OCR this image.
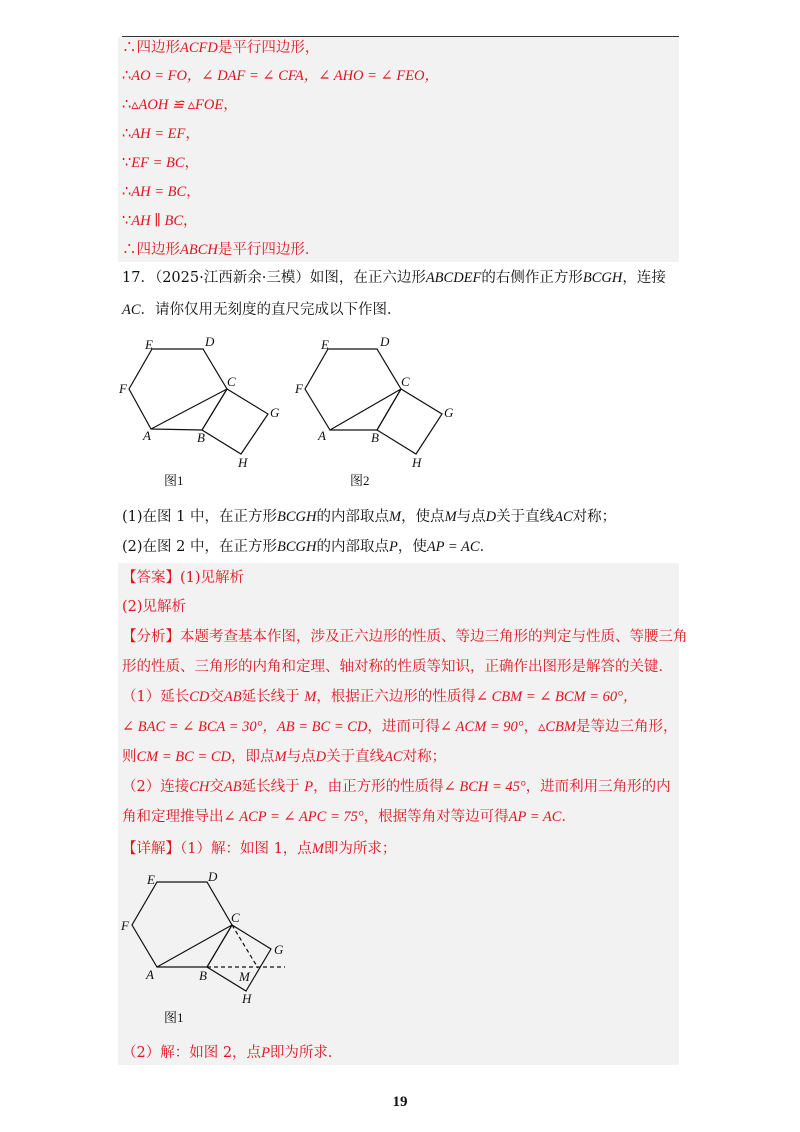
∴四边形ACFD是平行四边形，
∴AO = FO，∠ DAF = ∠ CFA，∠ AHO = ∠ FEO，
∴▵AOH ≌ ▵FOE，
∴AH = EF，
∵EF = BC，
∴AH = BC，
∵AH ∥ BC，
∴四边形ABCH是平行四边形．
17．（2025·江西新余·三模）如图，在正六边形ABCDEF的右侧作正方形BCGH，连接
AC．请你仅用无刻度的直尺完成以下作图．
E	D
F	C
G
A	B
H
图1
E	D
F	C
G
A	B
H
图2
(1)在图 1 中，在正方形BCGH的内部取点M，使点M与点D关于直线AC对称；
(2)在图 2 中，在正方形BCGH的内部取点P，使AP = AC．
【答案】(1)见解析
(2)见解析
【分析】本题考查基本作图，涉及正六边形的性质、等边三角形的判定与性质、等腰三角
形的性质、三角形的内角和定理、轴对称的性质等知识，正确作出图形是解答的关键．
（1）延长CD交AB延长线于 M，根据正六边形的性质得∠ CBM = ∠ BCM = 60°，
∠ BAC = ∠ BCA = 30°，AB = BC = CD，进而可得∠ ACM = 90°，▵CBM是等边三角形，
则CM = BC = CD，即点M与点D关于直线AC对称；
（2）连接CH交AB延长线于 P，由正方形的性质得∠ BCH = 45°，进而利用三角形的内
角和定理推导出∠ ACP = ∠ APC = 75°，根据等角对等边可得AP = AC．
【详解】（1）解：如图 1，点M即为所求；
E	D
F
C
G
A	B M
H
图1
（2）解：如图 2，点P即为所求．
19
